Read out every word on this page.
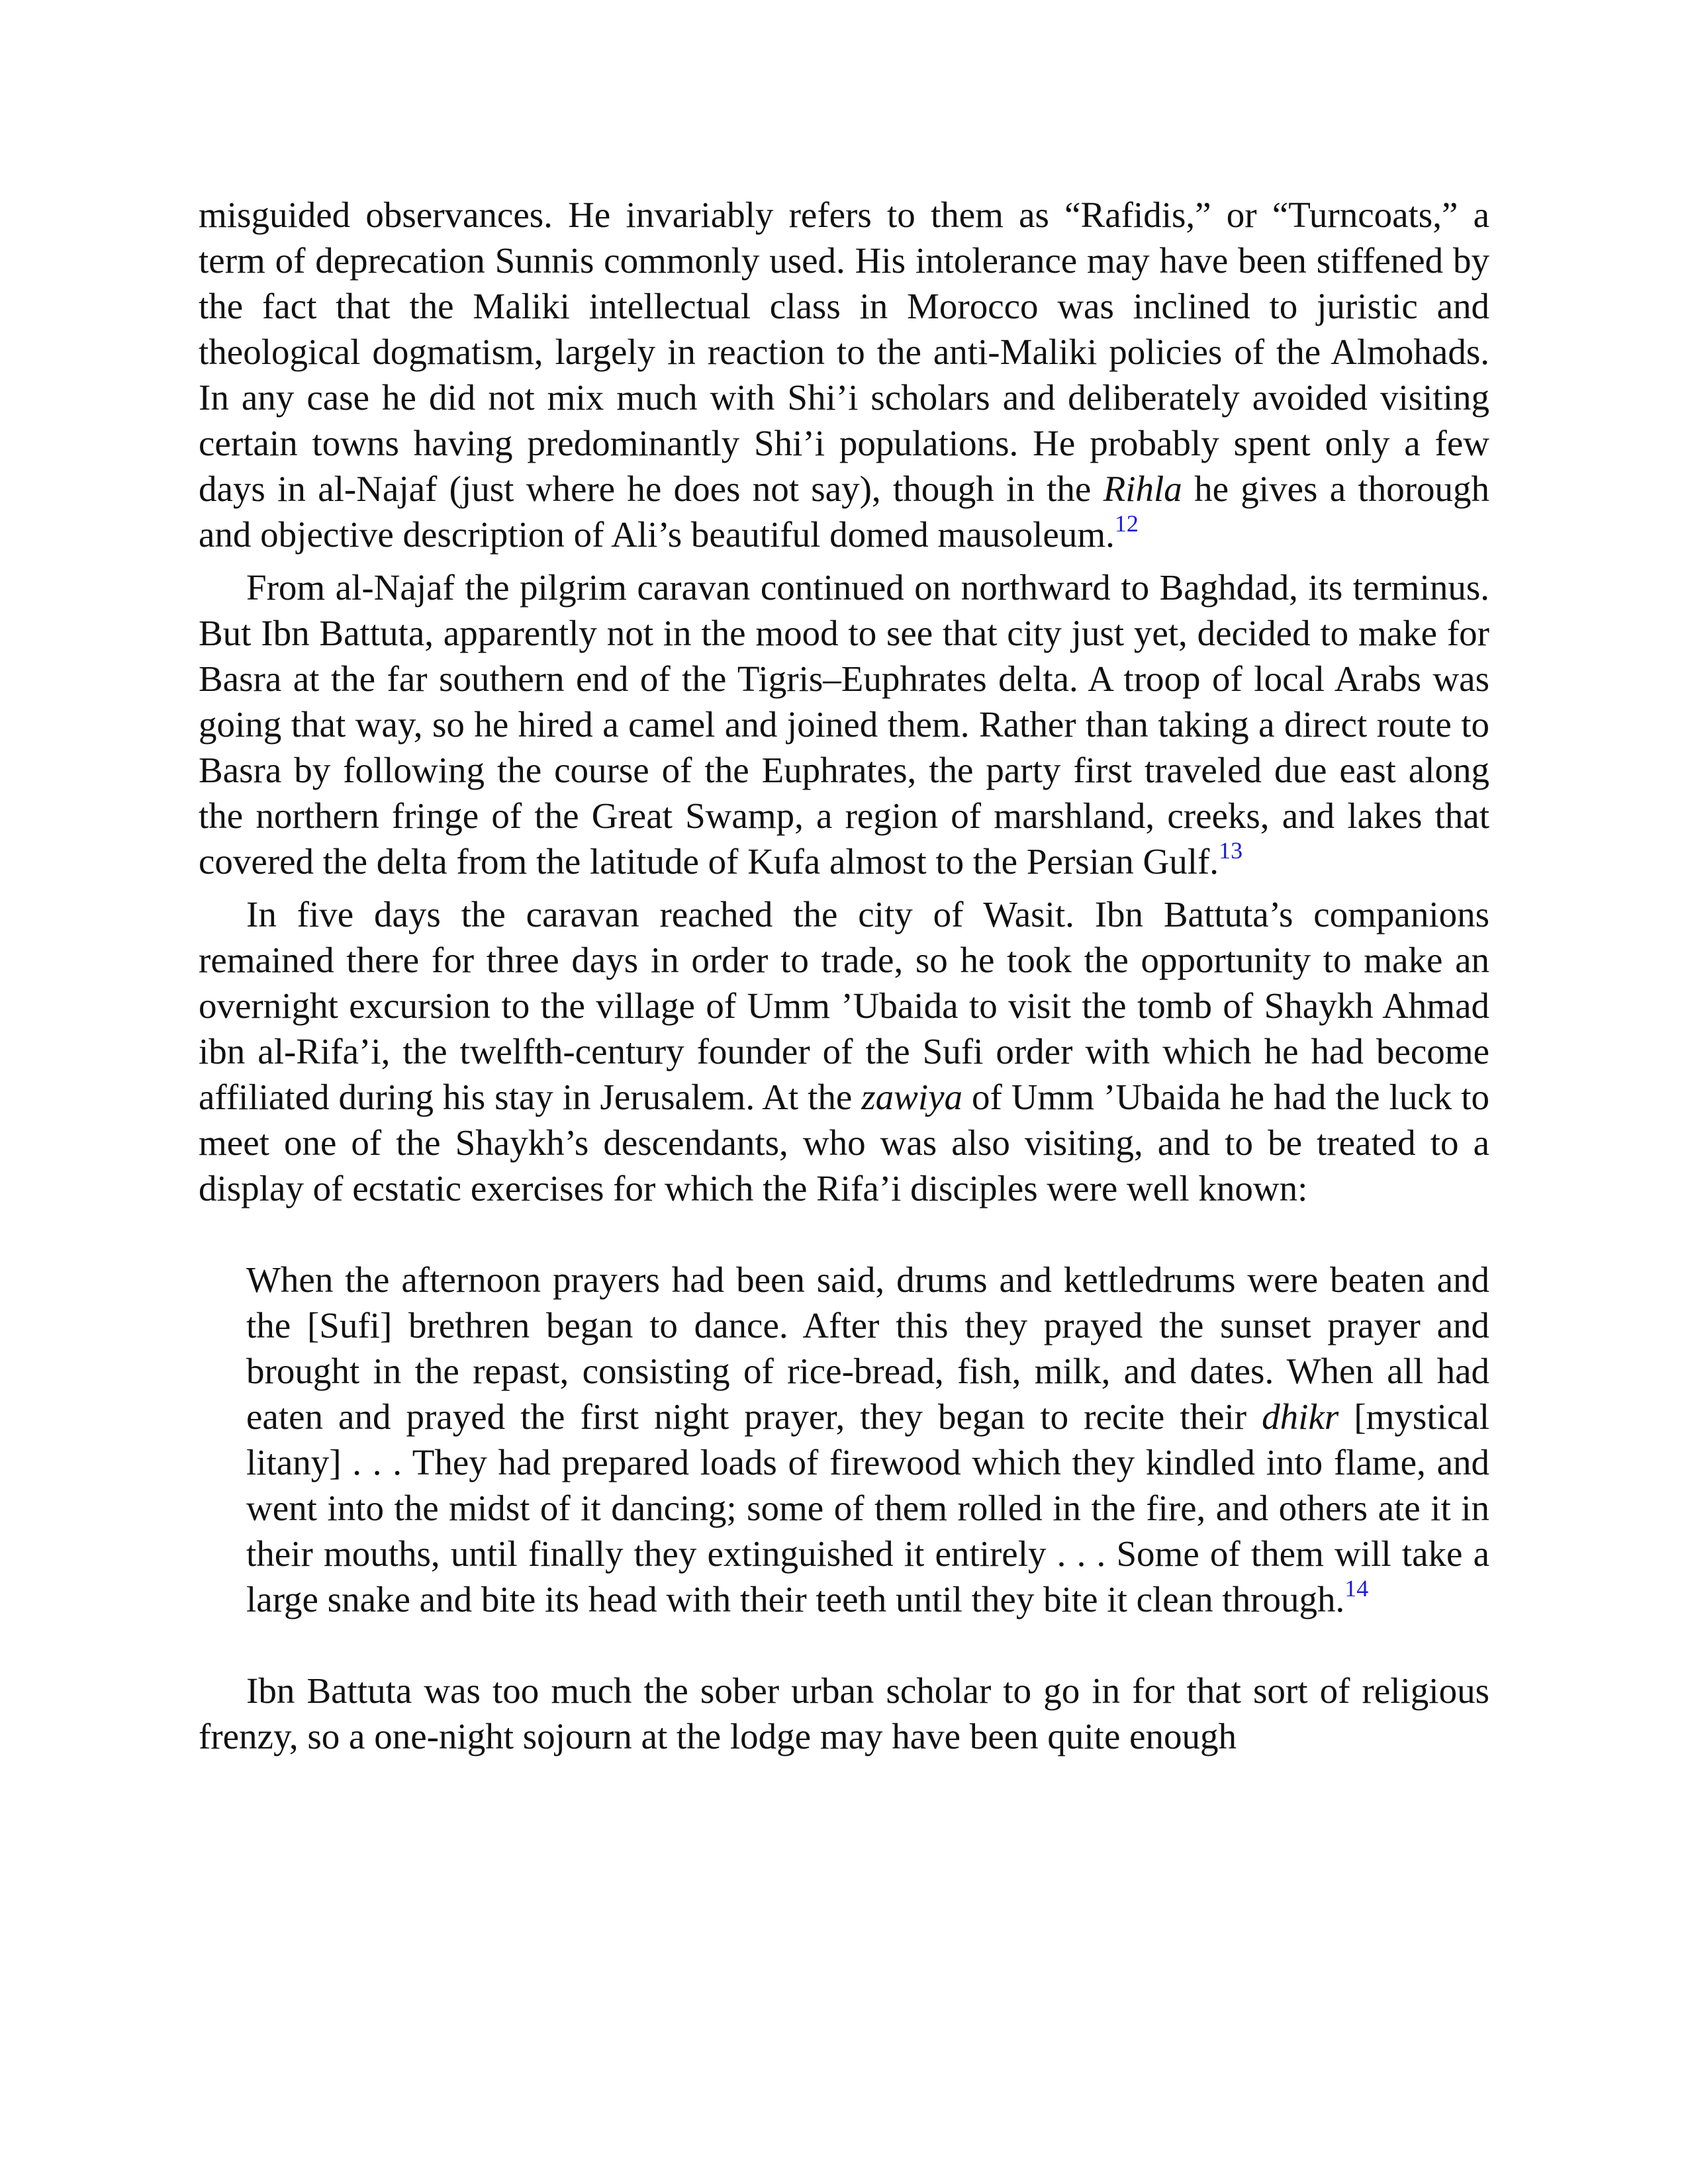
misguided observances. He invariably refers to them as “Rafidis,” or “Turncoats,” a term of deprecation Sunnis commonly used. His intolerance may have been stiffened by the fact that the Maliki intellectual class in Morocco was inclined to juristic and theological dogmatism, largely in reaction to the anti-Maliki policies of the Almohads. In any case he did not mix much with Shi’i scholars and deliberately avoided visiting certain towns having predominantly Shi’i populations. He probably spent only a few days in al-Najaf (just where he does not say), though in the Rihla he gives a thorough and objective description of Ali’s beautiful domed mausoleum.$^{12}$

From al-Najaf the pilgrim caravan continued on northward to Baghdad, its terminus. But Ibn Battuta, apparently not in the mood to see that city just yet, decided to make for Basra at the far southern end of the Tigris–Euphrates delta. A troop of local Arabs was going that way, so he hired a camel and joined them. Rather than taking a direct route to Basra by following the course of the Euphrates, the party first traveled due east along the northern fringe of the Great Swamp, a region of marshland, creeks, and lakes that covered the delta from the latitude of Kufa almost to the Persian Gulf.$^{13}$

In five days the caravan reached the city of Wasit. Ibn Battuta’s companions remained there for three days in order to trade, so he took the opportunity to make an overnight excursion to the village of Umm ’Ubaida to visit the tomb of Shaykh Ahmad ibn al-Rifa’i, the twelfth-century founder of the Sufi order with which he had become affiliated during his stay in Jerusalem. At the zawiya of Umm ’Ubaida he had the luck to meet one of the Shaykh’s descendants, who was also visiting, and to be treated to a display of ecstatic exercises for which the Rifa’i disciples were well known:

When the afternoon prayers had been said, drums and kettledrums were beaten and the [Sufi] brethren began to dance. After this they prayed the sunset prayer and brought in the repast, consisting of rice-bread, fish, milk, and dates. When all had eaten and prayed the first night prayer, they began to recite their dhikr [mystical litany] . . . They had prepared loads of firewood which they kindled into flame, and went into the midst of it dancing; some of them rolled in the fire, and others ate it in their mouths, until finally they extinguished it entirely . . . Some of them will take a large snake and bite its head with their teeth until they bite it clean through.$^{14}$

Ibn Battuta was too much the sober urban scholar to go in for that sort of religious frenzy, so a one-night sojourn at the lodge may have been quite enough
